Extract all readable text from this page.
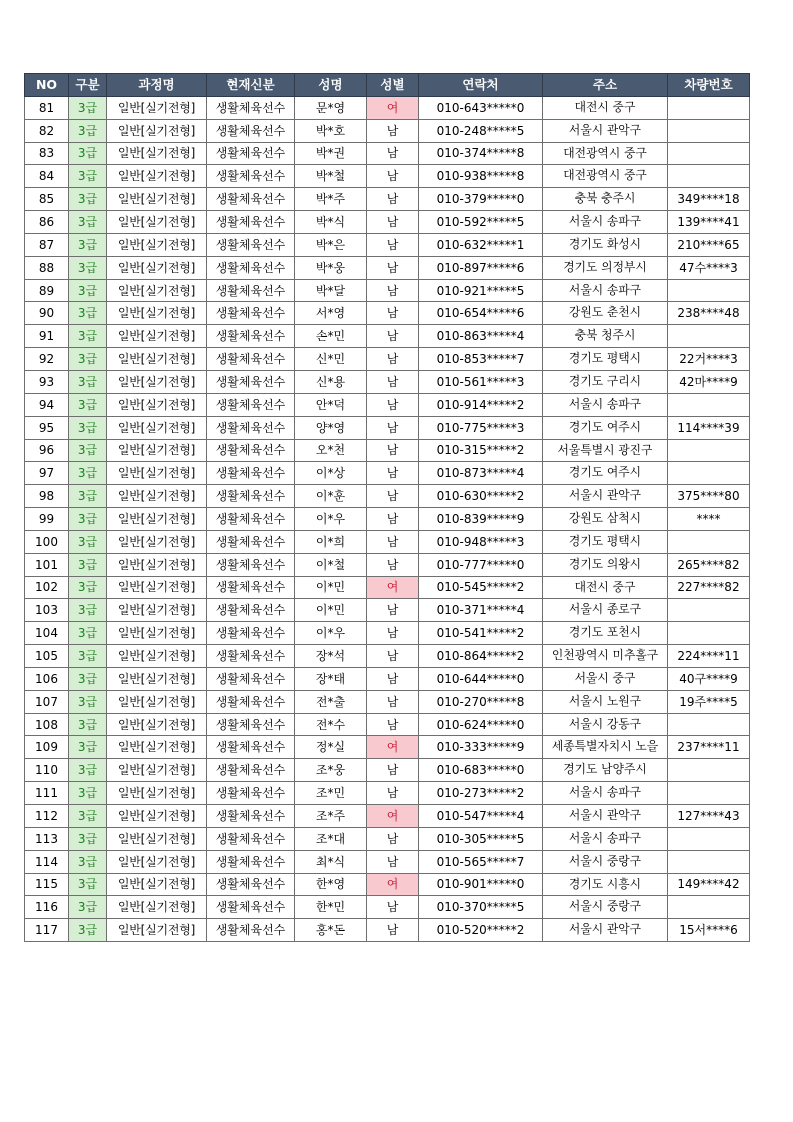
NO	구분	과정명	현재신분	성명	성별	연락처	주소	차량번호
81	3급	일반[실기전형]	생활체육선수	문*영	여	010-643*****0	대전시 중구	
82	3급	일반[실기전형]	생활체육선수	박*호	남	010-248*****5	서울시 관악구	
83	3급	일반[실기전형]	생활체육선수	박*권	남	010-374*****8	대전광역시 중구	
84	3급	일반[실기전형]	생활체육선수	박*철	남	010-938*****8	대전광역시 중구	
85	3급	일반[실기전형]	생활체육선수	박*주	남	010-379*****0	충북 충주시	349****18
86	3급	일반[실기전형]	생활체육선수	박*식	남	010-592*****5	서울시 송파구	139****41
87	3급	일반[실기전형]	생활체육선수	박*은	남	010-632*****1	경기도 화성시	210****65
88	3급	일반[실기전형]	생활체육선수	박*웅	남	010-897*****6	경기도 의정부시	47수****3
89	3급	일반[실기전형]	생활체육선수	박*달	남	010-921*****5	서울시 송파구	
90	3급	일반[실기전형]	생활체육선수	서*영	남	010-654*****6	강원도 춘천시	238****48
91	3급	일반[실기전형]	생활체육선수	손*민	남	010-863*****4	충북 청주시	
92	3급	일반[실기전형]	생활체육선수	신*민	남	010-853*****7	경기도 평택시	22거****3
93	3급	일반[실기전형]	생활체육선수	신*용	남	010-561*****3	경기도 구리시	42마****9
94	3급	일반[실기전형]	생활체육선수	안*덕	남	010-914*****2	서울시 송파구	
95	3급	일반[실기전형]	생활체육선수	양*영	남	010-775*****3	경기도 여주시	114****39
96	3급	일반[실기전형]	생활체육선수	오*천	남	010-315*****2	서울특별시 광진구	
97	3급	일반[실기전형]	생활체육선수	이*상	남	010-873*****4	경기도 여주시	
98	3급	일반[실기전형]	생활체육선수	이*훈	남	010-630*****2	서울시 관악구	375****80
99	3급	일반[실기전형]	생활체육선수	이*우	남	010-839*****9	강원도 삼척시	****
100	3급	일반[실기전형]	생활체육선수	이*희	남	010-948*****3	경기도 평택시	
101	3급	일반[실기전형]	생활체육선수	이*철	남	010-777*****0	경기도 의왕시	265****82
102	3급	일반[실기전형]	생활체육선수	이*민	여	010-545*****2	대전시 중구	227****82
103	3급	일반[실기전형]	생활체육선수	이*민	남	010-371*****4	서울시 종로구	
104	3급	일반[실기전형]	생활체육선수	이*우	남	010-541*****2	경기도 포천시	
105	3급	일반[실기전형]	생활체육선수	장*석	남	010-864*****2	인천광역시 미추홀구	224****11
106	3급	일반[실기전형]	생활체육선수	장*태	남	010-644*****0	서울시 중구	40구****9
107	3급	일반[실기전형]	생활체육선수	전*출	남	010-270*****8	서울시 노원구	19주****5
108	3급	일반[실기전형]	생활체육선수	전*수	남	010-624*****0	서울시 강동구	
109	3급	일반[실기전형]	생활체육선수	정*실	여	010-333*****9	세종특별자치시 노을	237****11
110	3급	일반[실기전형]	생활체육선수	조*웅	남	010-683*****0	경기도 남양주시	
111	3급	일반[실기전형]	생활체육선수	조*민	남	010-273*****2	서울시 송파구	
112	3급	일반[실기전형]	생활체육선수	조*주	여	010-547*****4	서울시 관악구	127****43
113	3급	일반[실기전형]	생활체육선수	조*대	남	010-305*****5	서울시 송파구	
114	3급	일반[실기전형]	생활체육선수	최*식	남	010-565*****7	서울시 중랑구	
115	3급	일반[실기전형]	생활체육선수	한*영	여	010-901*****0	경기도 시흥시	149****42
116	3급	일반[실기전형]	생활체육선수	한*민	남	010-370*****5	서울시 중랑구	
117	3급	일반[실기전형]	생활체육선수	홍*돈	남	010-520*****2	서울시 관악구	15서****6
